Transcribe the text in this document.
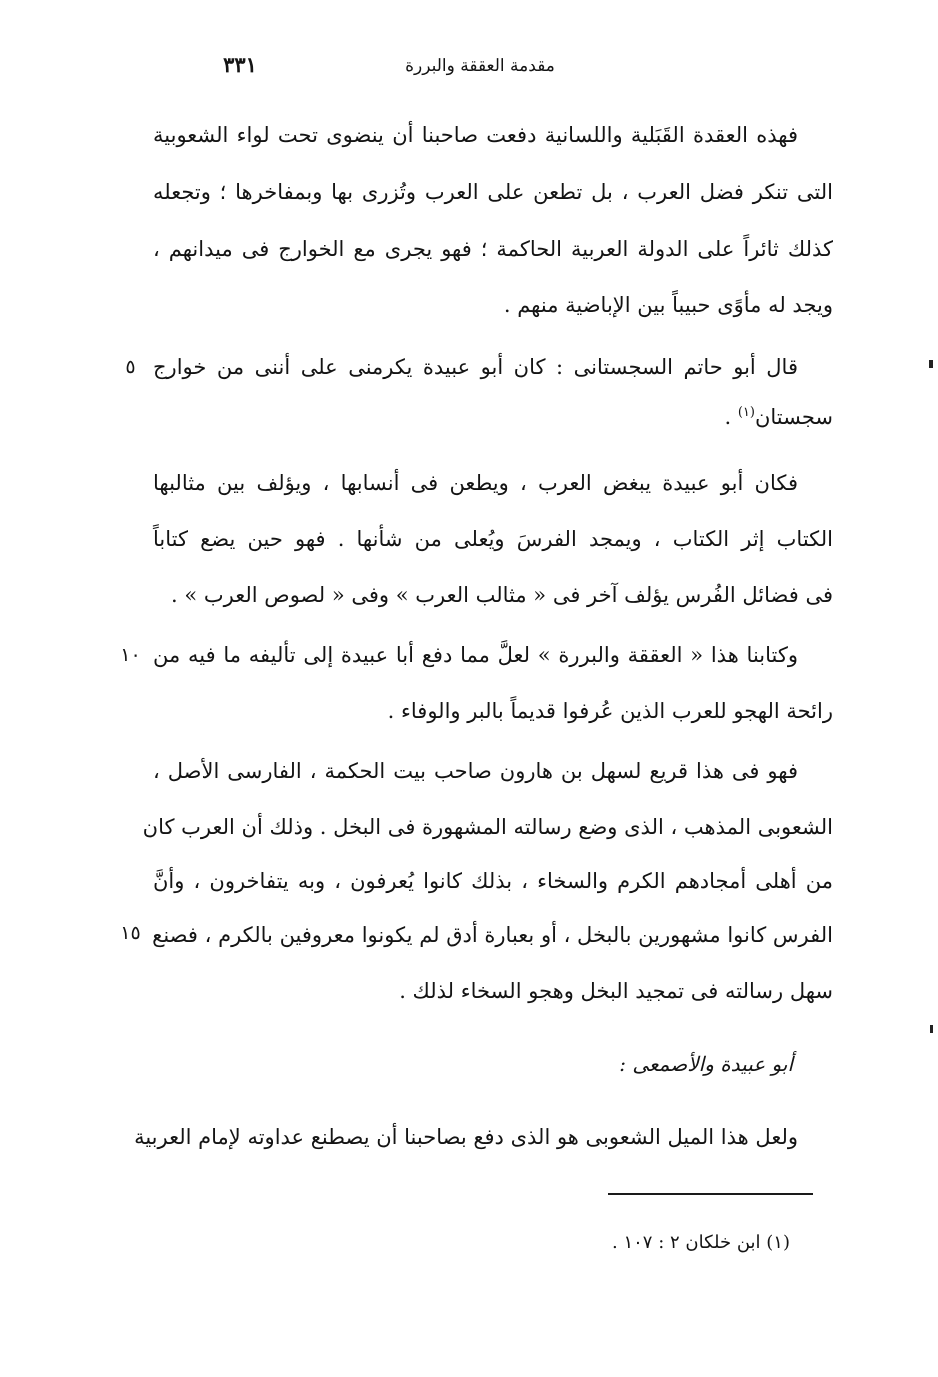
مقدمة العققة والبررة
٣٣١
فهذه العقدة القَبَلية واللسانية دفعت صاحبنا أن ينضوى تحت لواء الشعوبية
التى تنكر فضل العرب ، بل تطعن على العرب وتُزرى بها وبمفاخرها ؛ وتجعله
كذلك ثائراً على الدولة العربية الحاكمة ؛ فهو يجرى مع الخوارج فى ميدانهم ،
ويجد له مأوًى حبيباً بين الإباضية منهم .
قال أبو حاتم السجستانى : كان أبو عبيدة يكرمنى على أننى من خوارج
سجستان$^{(١)}$ .
٥
فكان أبو عبيدة يبغض العرب ، ويطعن فى أنسابها ، ويؤلف بين مثالبها
الكتاب إثر الكتاب ، ويمجد الفرسَ ويُعلى من شأنها . فهو حين يضع كتاباً
فى فضائل الفُرس يؤلف آخر فى « مثالب العرب » وفى « لصوص العرب » .
وكتابنا هذا « العققة والبررة » لعلَّ مما دفع أبا عبيدة إلى تأليفه ما فيه من
رائحة الهجو للعرب الذين عُرفوا قديماً بالبر والوفاء .
١٠
فهو فى هذا قريع لسهل بن هارون صاحب بيت الحكمة ، الفارسى الأصل ،
الشعوبى المذهب ، الذى وضع رسالته المشهورة فى البخل . وذلك أن العرب كان
من أهلى أمجادهم الكرم والسخاء ، بذلك كانوا يُعرفون ، وبه يتفاخرون ، وأنَّ
الفرس كانوا مشهورين بالبخل ، أو بعبارة أدق لم يكونوا معروفين بالكرم ، فصنع
سهل رسالته فى تمجيد البخل وهجو السخاء لذلك .
١٥
أبو عبيدة والأصمعى :
ولعل هذا الميل الشعوبى هو الذى دفع بصاحبنا أن يصطنع عداوته لإمام العربية
(١) ابن خلكان ٢ : ١٠٧ .
